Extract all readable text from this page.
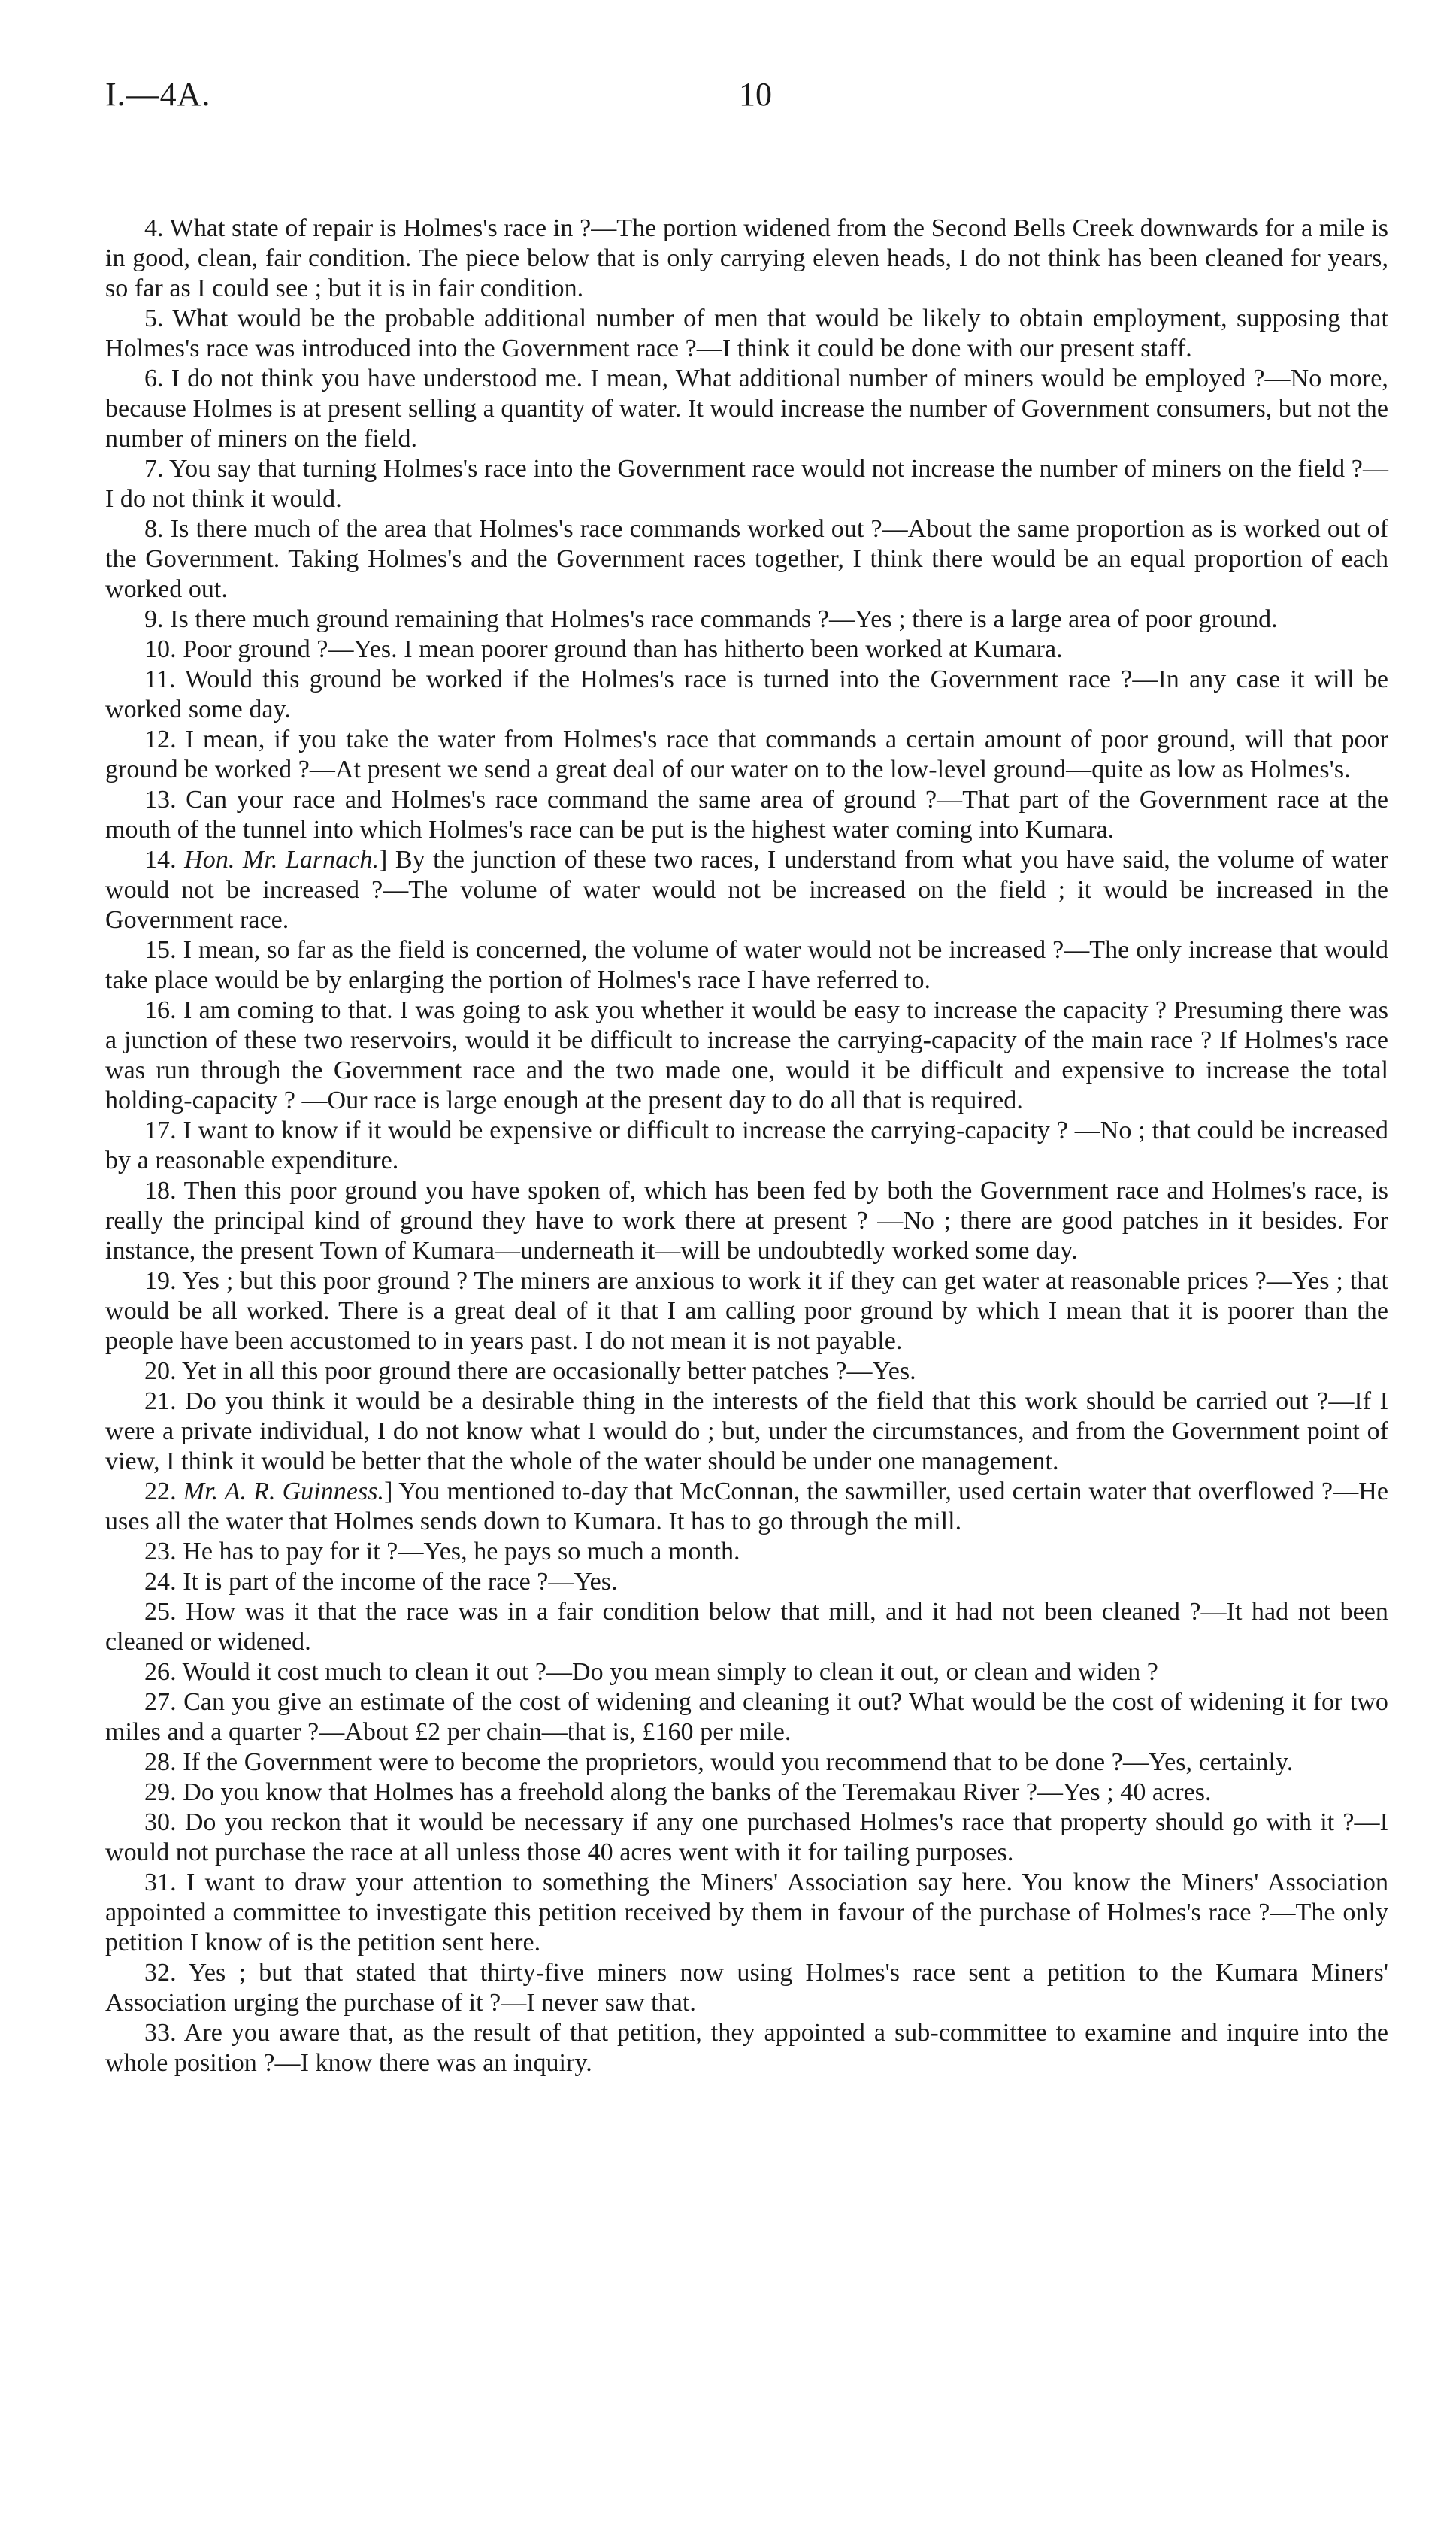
I.—4A.	10

4. What state of repair is Holmes's race in ?—The portion widened from the Second Bells Creek downwards for a mile is in good, clean, fair condition. The piece below that is only carrying eleven heads, I do not think has been cleaned for years, so far as I could see ; but it is in fair condition.

5. What would be the probable additional number of men that would be likely to obtain employment, supposing that Holmes's race was introduced into the Government race ?—I think it could be done with our present staff.

6. I do not think you have understood me. I mean, What additional number of miners would be employed ?—No more, because Holmes is at present selling a quantity of water. It would increase the number of Government consumers, but not the number of miners on the field.

7. You say that turning Holmes's race into the Government race would not increase the number of miners on the field ?—I do not think it would.

8. Is there much of the area that Holmes's race commands worked out ?—About the same proportion as is worked out of the Government. Taking Holmes's and the Government races together, I think there would be an equal proportion of each worked out.

9. Is there much ground remaining that Holmes's race commands ?—Yes ; there is a large area of poor ground.

10. Poor ground ?—Yes. I mean poorer ground than has hitherto been worked at Kumara.

11. Would this ground be worked if the Holmes's race is turned into the Government race ?—In any case it will be worked some day.

12. I mean, if you take the water from Holmes's race that commands a certain amount of poor ground, will that poor ground be worked ?—At present we send a great deal of our water on to the low-level ground—quite as low as Holmes's.

13. Can your race and Holmes's race command the same area of ground ?—That part of the Government race at the mouth of the tunnel into which Holmes's race can be put is the highest water coming into Kumara.

14. Hon. Mr. Larnach.] By the junction of these two races, I understand from what you have said, the volume of water would not be increased ?—The volume of water would not be increased on the field ; it would be increased in the Government race.

15. I mean, so far as the field is concerned, the volume of water would not be increased ?—The only increase that would take place would be by enlarging the portion of Holmes's race I have referred to.

16. I am coming to that. I was going to ask you whether it would be easy to increase the capacity ? Presuming there was a junction of these two reservoirs, would it be difficult to increase the carrying-capacity of the main race ? If Holmes's race was run through the Government race and the two made one, would it be difficult and expensive to increase the total holding-capacity ? —Our race is large enough at the present day to do all that is required.

17. I want to know if it would be expensive or difficult to increase the carrying-capacity ? —No ; that could be increased by a reasonable expenditure.

18. Then this poor ground you have spoken of, which has been fed by both the Government race and Holmes's race, is really the principal kind of ground they have to work there at present ? —No ; there are good patches in it besides. For instance, the present Town of Kumara—underneath it—will be undoubtedly worked some day.

19. Yes ; but this poor ground ? The miners are anxious to work it if they can get water at reasonable prices ?—Yes ; that would be all worked. There is a great deal of it that I am calling poor ground by which I mean that it is poorer than the people have been accustomed to in years past. I do not mean it is not payable.

20. Yet in all this poor ground there are occasionally better patches ?—Yes.

21. Do you think it would be a desirable thing in the interests of the field that this work should be carried out ?—If I were a private individual, I do not know what I would do ; but, under the circumstances, and from the Government point of view, I think it would be better that the whole of the water should be under one management.

22. Mr. A. R. Guinness.] You mentioned to-day that McConnan, the sawmiller, used certain water that overflowed ?—He uses all the water that Holmes sends down to Kumara. It has to go through the mill.

23. He has to pay for it ?—Yes, he pays so much a month.

24. It is part of the income of the race ?—Yes.

25. How was it that the race was in a fair condition below that mill, and it had not been cleaned ?—It had not been cleaned or widened.

26. Would it cost much to clean it out ?—Do you mean simply to clean it out, or clean and widen ?

27. Can you give an estimate of the cost of widening and cleaning it out? What would be the cost of widening it for two miles and a quarter ?—About £2 per chain—that is, £160 per mile.

28. If the Government were to become the proprietors, would you recommend that to be done ?—Yes, certainly.

29. Do you know that Holmes has a freehold along the banks of the Teremakau River ?—Yes ; 40 acres.

30. Do you reckon that it would be necessary if any one purchased Holmes's race that property should go with it ?—I would not purchase the race at all unless those 40 acres went with it for tailing purposes.

31. I want to draw your attention to something the Miners' Association say here. You know the Miners' Association appointed a committee to investigate this petition received by them in favour of the purchase of Holmes's race ?—The only petition I know of is the petition sent here.

32. Yes ; but that stated that thirty-five miners now using Holmes's race sent a petition to the Kumara Miners' Association urging the purchase of it ?—I never saw that.

33. Are you aware that, as the result of that petition, they appointed a sub-committee to examine and inquire into the whole position ?—I know there was an inquiry.
